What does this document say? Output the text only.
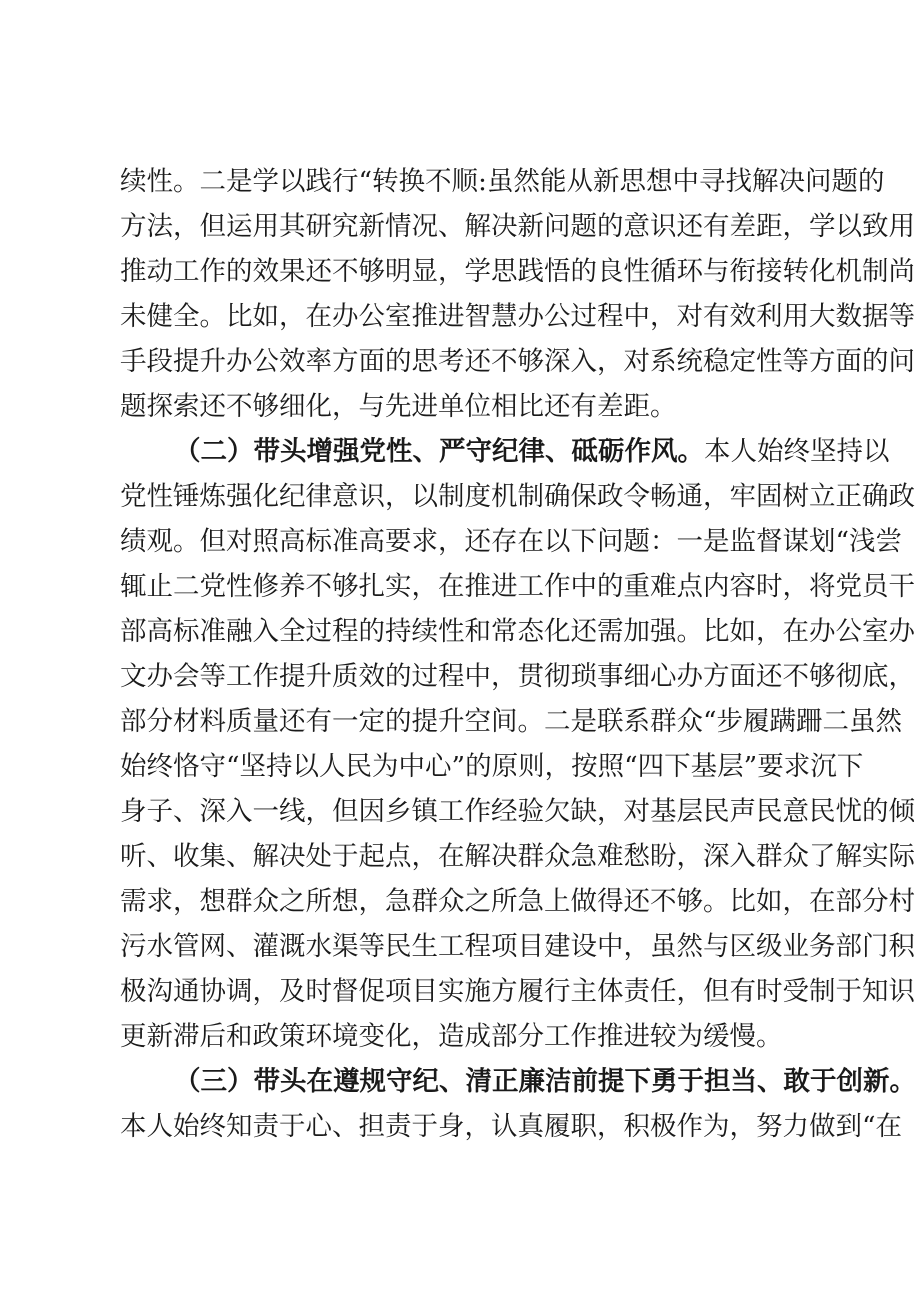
续性。二是学以践行“转换不顺:虽然能从新思想中寻找解决问题的
方法，但运用其研究新情况、解决新问题的意识还有差距，学以致用
推动工作的效果还不够明显，学思践悟的良性循环与衔接转化机制尚
未健全。比如，在办公室推进智慧办公过程中，对有效利用大数据等
手段提升办公效率方面的思考还不够深入，对系统稳定性等方面的问
题探索还不够细化，与先进单位相比还有差距。
（二）带头增强党性、严守纪律、砥砺作风。本人始终坚持以
党性锤炼强化纪律意识，以制度机制确保政令畅通，牢固树立正确政
绩观。但对照高标准高要求，还存在以下问题：一是监督谋划“浅尝
辄止二党性修养不够扎实，在推进工作中的重难点内容时，将党员干
部高标准融入全过程的持续性和常态化还需加强。比如，在办公室办
文办会等工作提升质效的过程中，贯彻琐事细心办方面还不够彻底，
部分材料质量还有一定的提升空间。二是联系群众“步履蹒跚二虽然
始终恪守“坚持以人民为中心”的原则，按照“四下基层”要求沉下
身子、深入一线，但因乡镇工作经验欠缺，对基层民声民意民忧的倾
听、收集、解决处于起点，在解决群众急难愁盼，深入群众了解实际
需求，想群众之所想，急群众之所急上做得还不够。比如，在部分村
污水管网、灌溉水渠等民生工程项目建设中，虽然与区级业务部门积
极沟通协调，及时督促项目实施方履行主体责任，但有时受制于知识
更新滞后和政策环境变化，造成部分工作推进较为缓慢。
（三）带头在遵规守纪、清正廉洁前提下勇于担当、敢于创新。
本人始终知责于心、担责于身，认真履职，积极作为，努力做到“在
